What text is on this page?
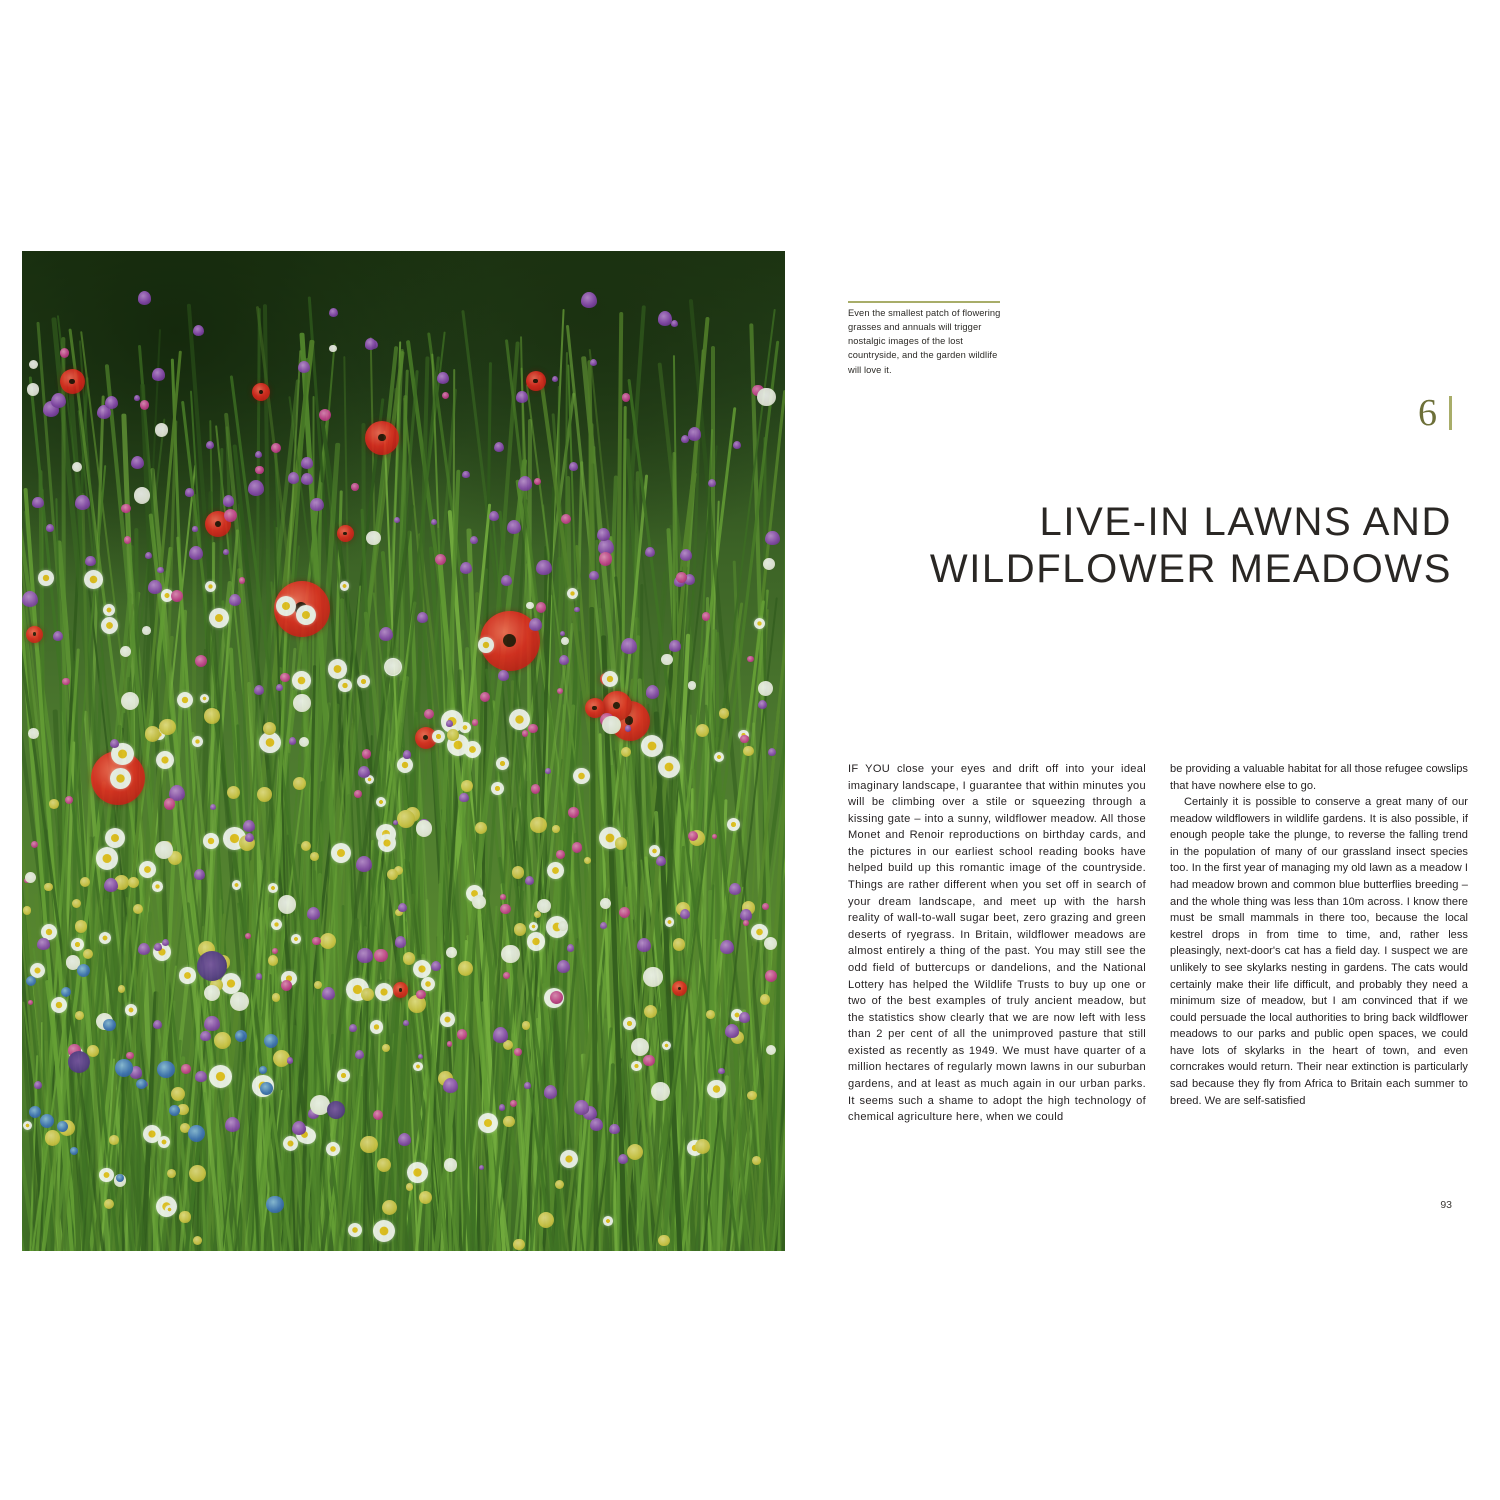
Even the smallest patch of flowering grasses and annuals will trigger nostalgic images of the lost countryside, and the garden wildlife will love it.
6
LIVE-IN LAWNS AND
WILDFLOWER MEADOWS

IF YOU close your eyes and drift off into your ideal imaginary landscape, I guarantee that within minutes you will be climbing over a stile or squeezing through a kissing gate – into a sunny, wildflower meadow. All those Monet and Renoir reproductions on birthday cards, and the pictures in our earliest school reading books have helped build up this romantic image of the countryside. Things are rather different when you set off in search of your dream landscape, and meet up with the harsh reality of wall-to-wall sugar beet, zero grazing and green deserts of ryegrass. In Britain, wildflower meadows are almost entirely a thing of the past. You may still see the odd field of buttercups or dandelions, and the National Lottery has helped the Wildlife Trusts to buy up one or two of the best examples of truly ancient meadow, but the statistics show clearly that we are now left with less than 2 per cent of all the unimproved pasture that still existed as recently as 1949. We must have quarter of a million hectares of regularly mown lawns in our suburban gardens, and at least as much again in our urban parks. It seems such a shame to adopt the high technology of chemical agriculture here, when we could

be providing a valuable habitat for all those refugee cowslips that have nowhere else to go.

Certainly it is possible to conserve a great many of our meadow wildflowers in wildlife gardens. It is also possible, if enough people take the plunge, to reverse the falling trend in the population of many of our grassland insect species too. In the first year of managing my old lawn as a meadow I had meadow brown and common blue butterflies breeding – and the whole thing was less than 10m across. I know there must be small mammals in there too, because the local kestrel drops in from time to time, and, rather less pleasingly, next-door's cat has a field day. I suspect we are unlikely to see skylarks nesting in gardens. The cats would certainly make their life difficult, and probably they need a minimum size of meadow, but I am convinced that if we could persuade the local authorities to bring back wildflower meadows to our parks and public open spaces, we could have lots of skylarks in the heart of town, and even corncrakes would return. Their near extinction is particularly sad because they fly from Africa to Britain each summer to breed. We are self-satisfied

93
